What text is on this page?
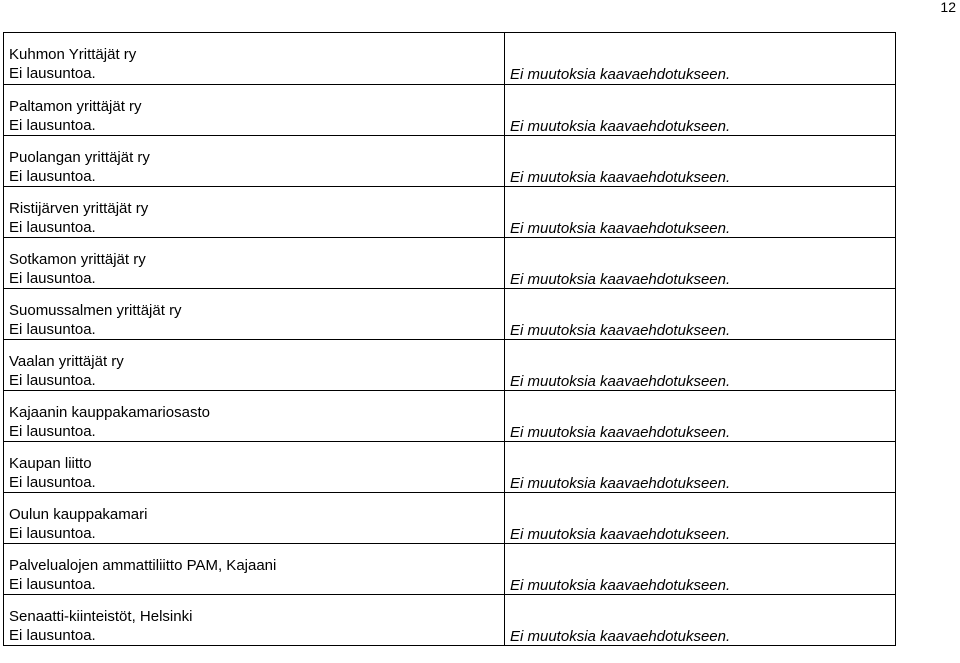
12
Kuhmon Yrittäjät ry
Ei lausuntoa.	Ei muutoksia kaavaehdotukseen.

Paltamon yrittäjät ry
Ei lausuntoa.	Ei muutoksia kaavaehdotukseen.

Puolangan yrittäjät ry
Ei lausuntoa.	Ei muutoksia kaavaehdotukseen.

Ristijärven yrittäjät ry
Ei lausuntoa.	Ei muutoksia kaavaehdotukseen.

Sotkamon yrittäjät ry
Ei lausuntoa.	Ei muutoksia kaavaehdotukseen.

Suomussalmen yrittäjät ry
Ei lausuntoa.	Ei muutoksia kaavaehdotukseen.

Vaalan yrittäjät ry
Ei lausuntoa.	Ei muutoksia kaavaehdotukseen.

Kajaanin kauppakamariosasto
Ei lausuntoa.	Ei muutoksia kaavaehdotukseen.

Kaupan liitto
Ei lausuntoa.	Ei muutoksia kaavaehdotukseen.

Oulun kauppakamari
Ei lausuntoa.	Ei muutoksia kaavaehdotukseen.

Palvelualojen ammattiliitto PAM, Kajaani
Ei lausuntoa.	Ei muutoksia kaavaehdotukseen.

Senaatti-kiinteistöt, Helsinki
Ei lausuntoa.	Ei muutoksia kaavaehdotukseen.
